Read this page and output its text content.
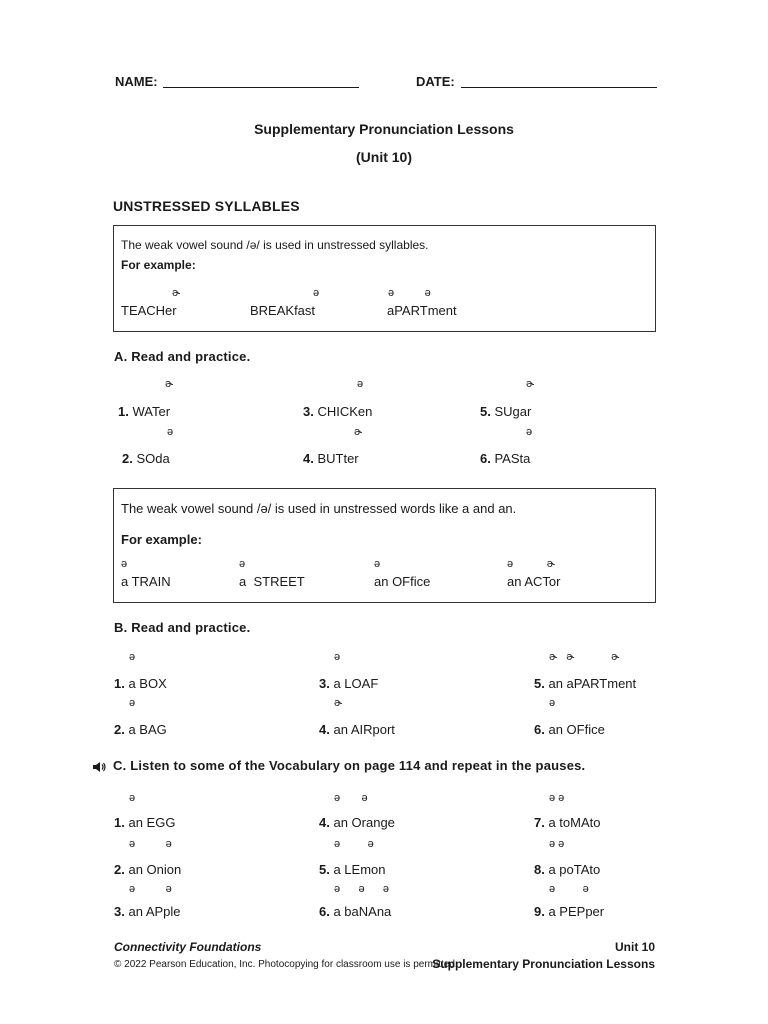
NAME:	DATE:
Supplementary Pronunciation Lessons
(Unit 10)
UNSTRESSED SYLLABLES
The weak vowel sound /ə/ is used in unstressed syllables.
For example:
ɚ
TEACHer
ə
BREAKfast
ə          ə
aPARTment
A. Read and practice.
ɚ
1. WATer
ə
3. CHICKen
ɚ
5. SUgar
ə
2. SOda
ɚ
4. BUTter
ə
6. PASta
The weak vowel sound /ə/ is used in unstressed words like a and an.
For example:
ə
a TRAIN
ə
a  STREET
ə
an OFfice
ə           ɚ
an ACTor
B. Read and practice.
ə
1. a BOX
ə
3. a LOAF
ɚ   ɚ            ɚ
5. an aPARTment
ə
2. a BAG
ɚ
4. an AIRport
ə
6. an OFfice
C. Listen to some of the Vocabulary on page 114 and repeat in the pauses.
ə
1. an EGG
ə       ə
4. an Orange
ə ə
7. a toMAto
ə          ə
2. an Onion
ə         ə
5. a LEmon
ə ə
8. a poTAto
ə          ə
3. an APple
ə      ə      ə
6. a baNAna
ə         ə
9. a PEPper
Connectivity Foundations	Unit 10
© 2022 Pearson Education, Inc. Photocopying for classroom use is permitted.
Supplementary Pronunciation Lessons
